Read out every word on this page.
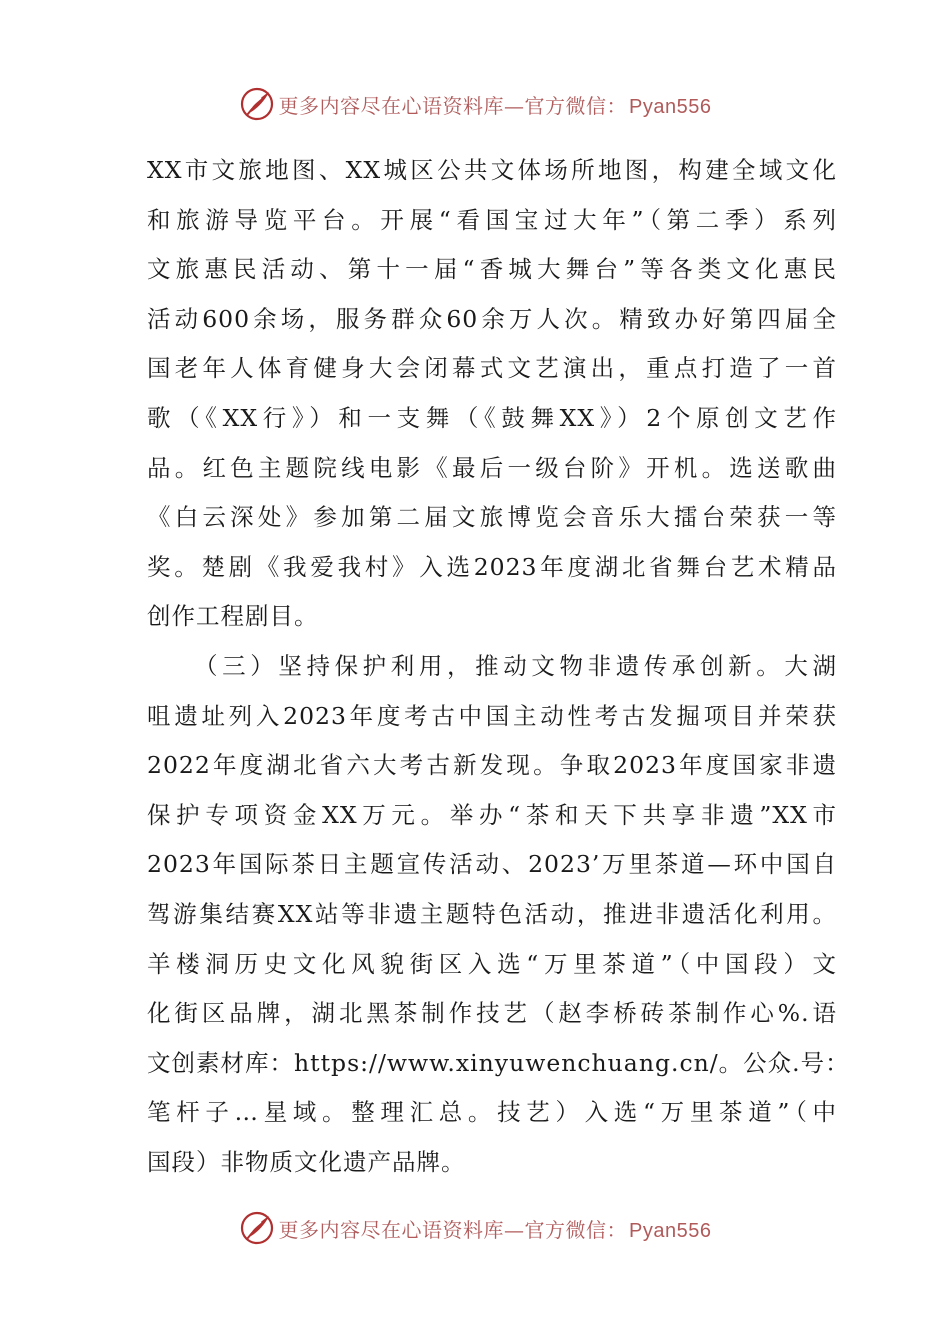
更多内容尽在心语资料库—官方微信： Pyan556
XX市文旅地图、XX城区公共文体场所地图，构建全域文化
和旅游导览平台。开展“看国宝过大年”（第二季）系列
文旅惠民活动、第十一届“香城大舞台”等各类文化惠民
活动600余场，服务群众60余万人次。精致办好第四届全
国老年人体育健身大会闭幕式文艺演出，重点打造了一首
歌（《XX行》）和一支舞（《鼓舞XX》）2个原创文艺作
品。红色主题院线电影《最后一级台阶》开机。选送歌曲
《白云深处》参加第二届文旅博览会音乐大擂台荣获一等
奖。楚剧《我爱我村》入选2023年度湖北省舞台艺术精品
创作工程剧目。
（三）坚持保护利用，推动文物非遗传承创新。大湖
咀遗址列入2023年度考古中国主动性考古发掘项目并荣获
2022年度湖北省六大考古新发现。争取2023年度国家非遗
保护专项资金XX万元。举办“茶和天下共享非遗”XX市
2023年国际茶日主题宣传活动、2023’万里茶道—环中国自
驾游集结赛XX站等非遗主题特色活动，推进非遗活化利用。
羊楼洞历史文化风貌街区入选“万里茶道”（中国段）文
化街区品牌，湖北黑茶制作技艺（赵李桥砖茶制作心%.语
文创素材库：https://www.xinyuwenchuang.cn/。公众.号：
笔杆子…星域。整理汇总。技艺）入选“万里茶道”（中
国段）非物质文化遗产品牌。
更多内容尽在心语资料库—官方微信： Pyan556
